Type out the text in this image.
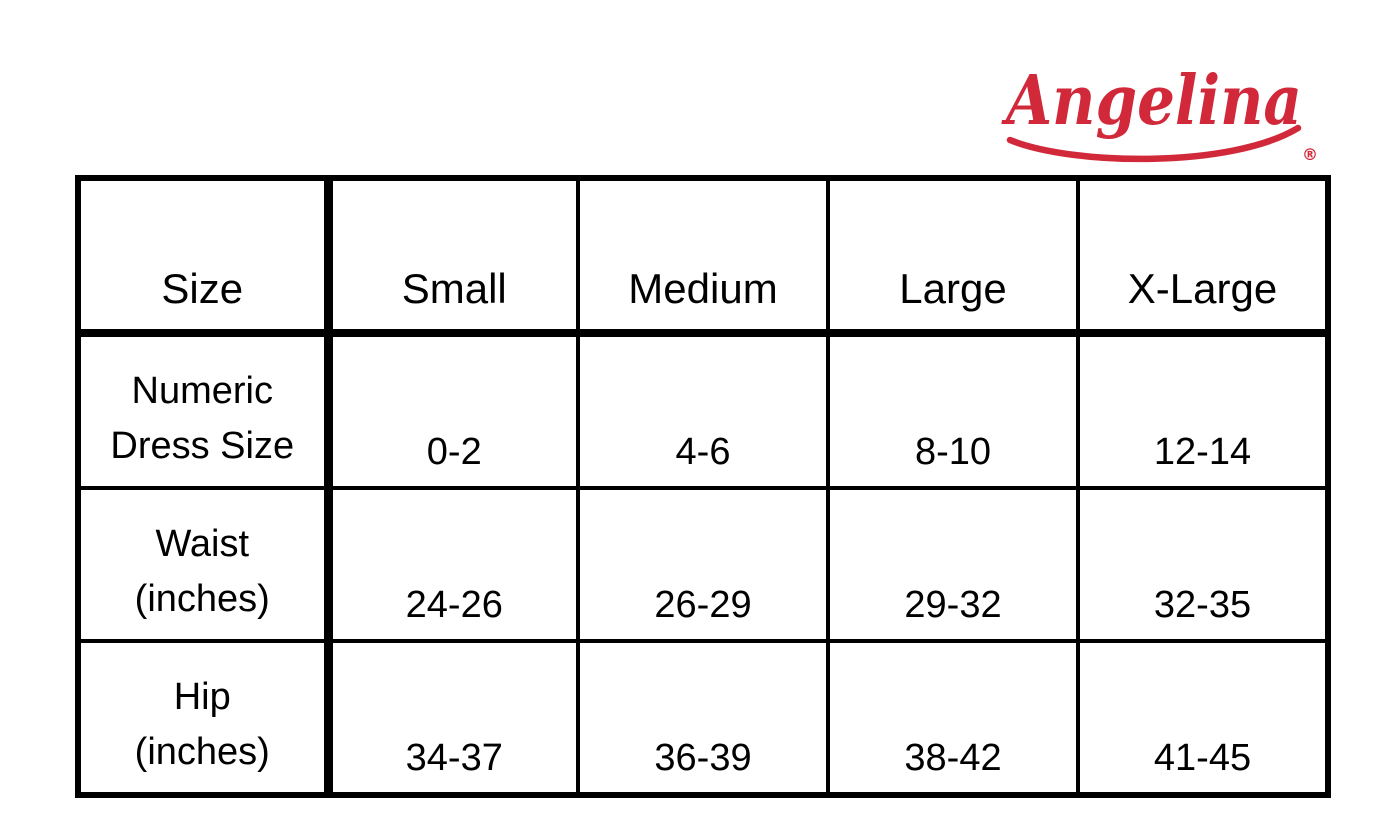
Angelina
®
Size	Small	Medium	Large	X-Large

Numeric
Dress Size	0-2	4-6	8-10	12-14

Waist
(inches)	24-26	26-29	29-32	32-35

Hip
(inches)	34-37	36-39	38-42	41-45
